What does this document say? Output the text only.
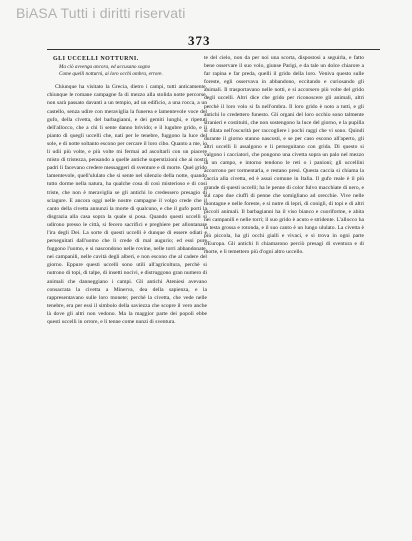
BiASA Tutti i diritti riservati
373
GLI UCCELLI NOTTURNI.
Ma ciò avvenga ancora, ed accusano sogno
Come quelli notturni, ai loro occhi ombra, errore.

Chiunque ha visitato la Grecia, dietro i campi, tutti anticamente, chiunque le romane campagne fa di mezzo alla stolida notte percorse, non sarà passato davanti a un tempio, ad un edificio, a una rocca, a un castello, senza udire con meraviglia la funerea e lamentevole voce del gufo, della civetta, del barbagianni, e dei gemiti lunghi, e ripetuti dell'allocco, che a chi li sente danno brivido; e il lugubre grido, e il pianto di quegli uccelli che, nati per le tenebre, fuggono la luce del sole, e di notte soltanto escono per cercare il loro cibo. Quanto a me, io li udii più volte, e più volte mi fermai ad ascoltarli con un piacere misto di tristezza, pensando a quelle antiche superstizioni che ai nostri padri li facevano credere messaggeri di sventure e di morte. Quel grido lamentevole, quell'ululato che si sente nel silenzio della notte, quando tutto dorme nella natura, ha qualche cosa di così misterioso e di così triste, che non è meraviglia se gli antichi lo credessero presagio di sciagure. E ancora oggi nelle nostre campagne il volgo crede che il canto della civetta annunzi la morte di qualcuno, e che il gufo porti la disgrazia alla casa sopra la quale si posa. Quando questi uccelli si udirono presso le città, si fecero sacrifici e preghiere per allontanare l'ira degli Dei. La sorte di questi uccelli è dunque di essere odiati e perseguitati dall'uomo che li crede di mal augurio; ed essi pure fuggono l'uomo, e si nascondono nelle rovine, nelle torri abbandonate, nei campanili, nelle cavità degli alberi, e non escono che al cadere del giorno. Eppure questi uccelli sono utili all'agricoltura, perchè si nutrono di topi, di talpe, di insetti nocivi, e distruggono gran numero di animali che danneggiano i campi. Gli antichi Ateniesi avevano consacrata la civetta a Minerva, dea della sapienza, e la rappresentavano sulle loro monete; perchè la civetta, che vede nelle tenebre, era per essi il simbolo della saviezza che scopre il vero anche là dove gli altri non vedono. Ma la maggior parte dei popoli ebbe questi uccelli in orrore, e li tenne come nunzi di sventura.

te del cielo, non da per noi una scorta, dispostosi a seguirla, e fatto bene osservare il suo volo, giunse Parigi, e da tale un dolce chiarore a far rapina e far preda, quelli il grido della loro. Veniva questo sulle foreste, egli osservava in abbandono, eccitando e curiosando gli animali. Il trasportavano nelle notti, e si accorsero più volte del grido degli uccelli. Altri dice che grido per riconoscere gli animali, altri perchè il loro volo si fa nell'ombra. Il loro grido è noto a tutti, e gli antichi lo credettero funesto. Gli organi del loro occhio sono talmente stranieri e costituiti, che non sostengono la luce del giorno, e la pupilla si dilata nell'oscurità per raccogliere i pochi raggi che vi sono. Quindi durante il giorno stanno nascosti, e se per caso escono all'aperto, gli altri uccelli li assalgono e li perseguitano con grida. Di questo si valgono i cacciatori, che pongono una civetta sopra un palo nel mezzo di un campo, e intorno tendono le reti o i panioni; gli uccellini accorrono per tormentarla, e restano presi. Questa caccia si chiama la caccia alla civetta, ed è assai comune in Italia. Il gufo reale è il più grande di questi uccelli; ha le penne di color fulvo macchiate di nero, e sul capo due ciuffi di penne che somigliano ad orecchie. Vive nelle montagne e nelle foreste, e si nutre di lepri, di conigli, di topi e di altri piccoli animali. Il barbagianni ha il viso bianco e cuoriforme, e abita nei campanili e nelle torri; il suo grido è acuto e stridente. L'allocco ha la testa grossa e rotonda, e il suo canto è un lungo ululato. La civetta è più piccola, ha gli occhi gialli e vivaci, e si trova in ogni parte d'Europa. Gli antichi li chiamarono perciò presagi di sventura e di morte, e li temettero più d'ogni altro uccello.
